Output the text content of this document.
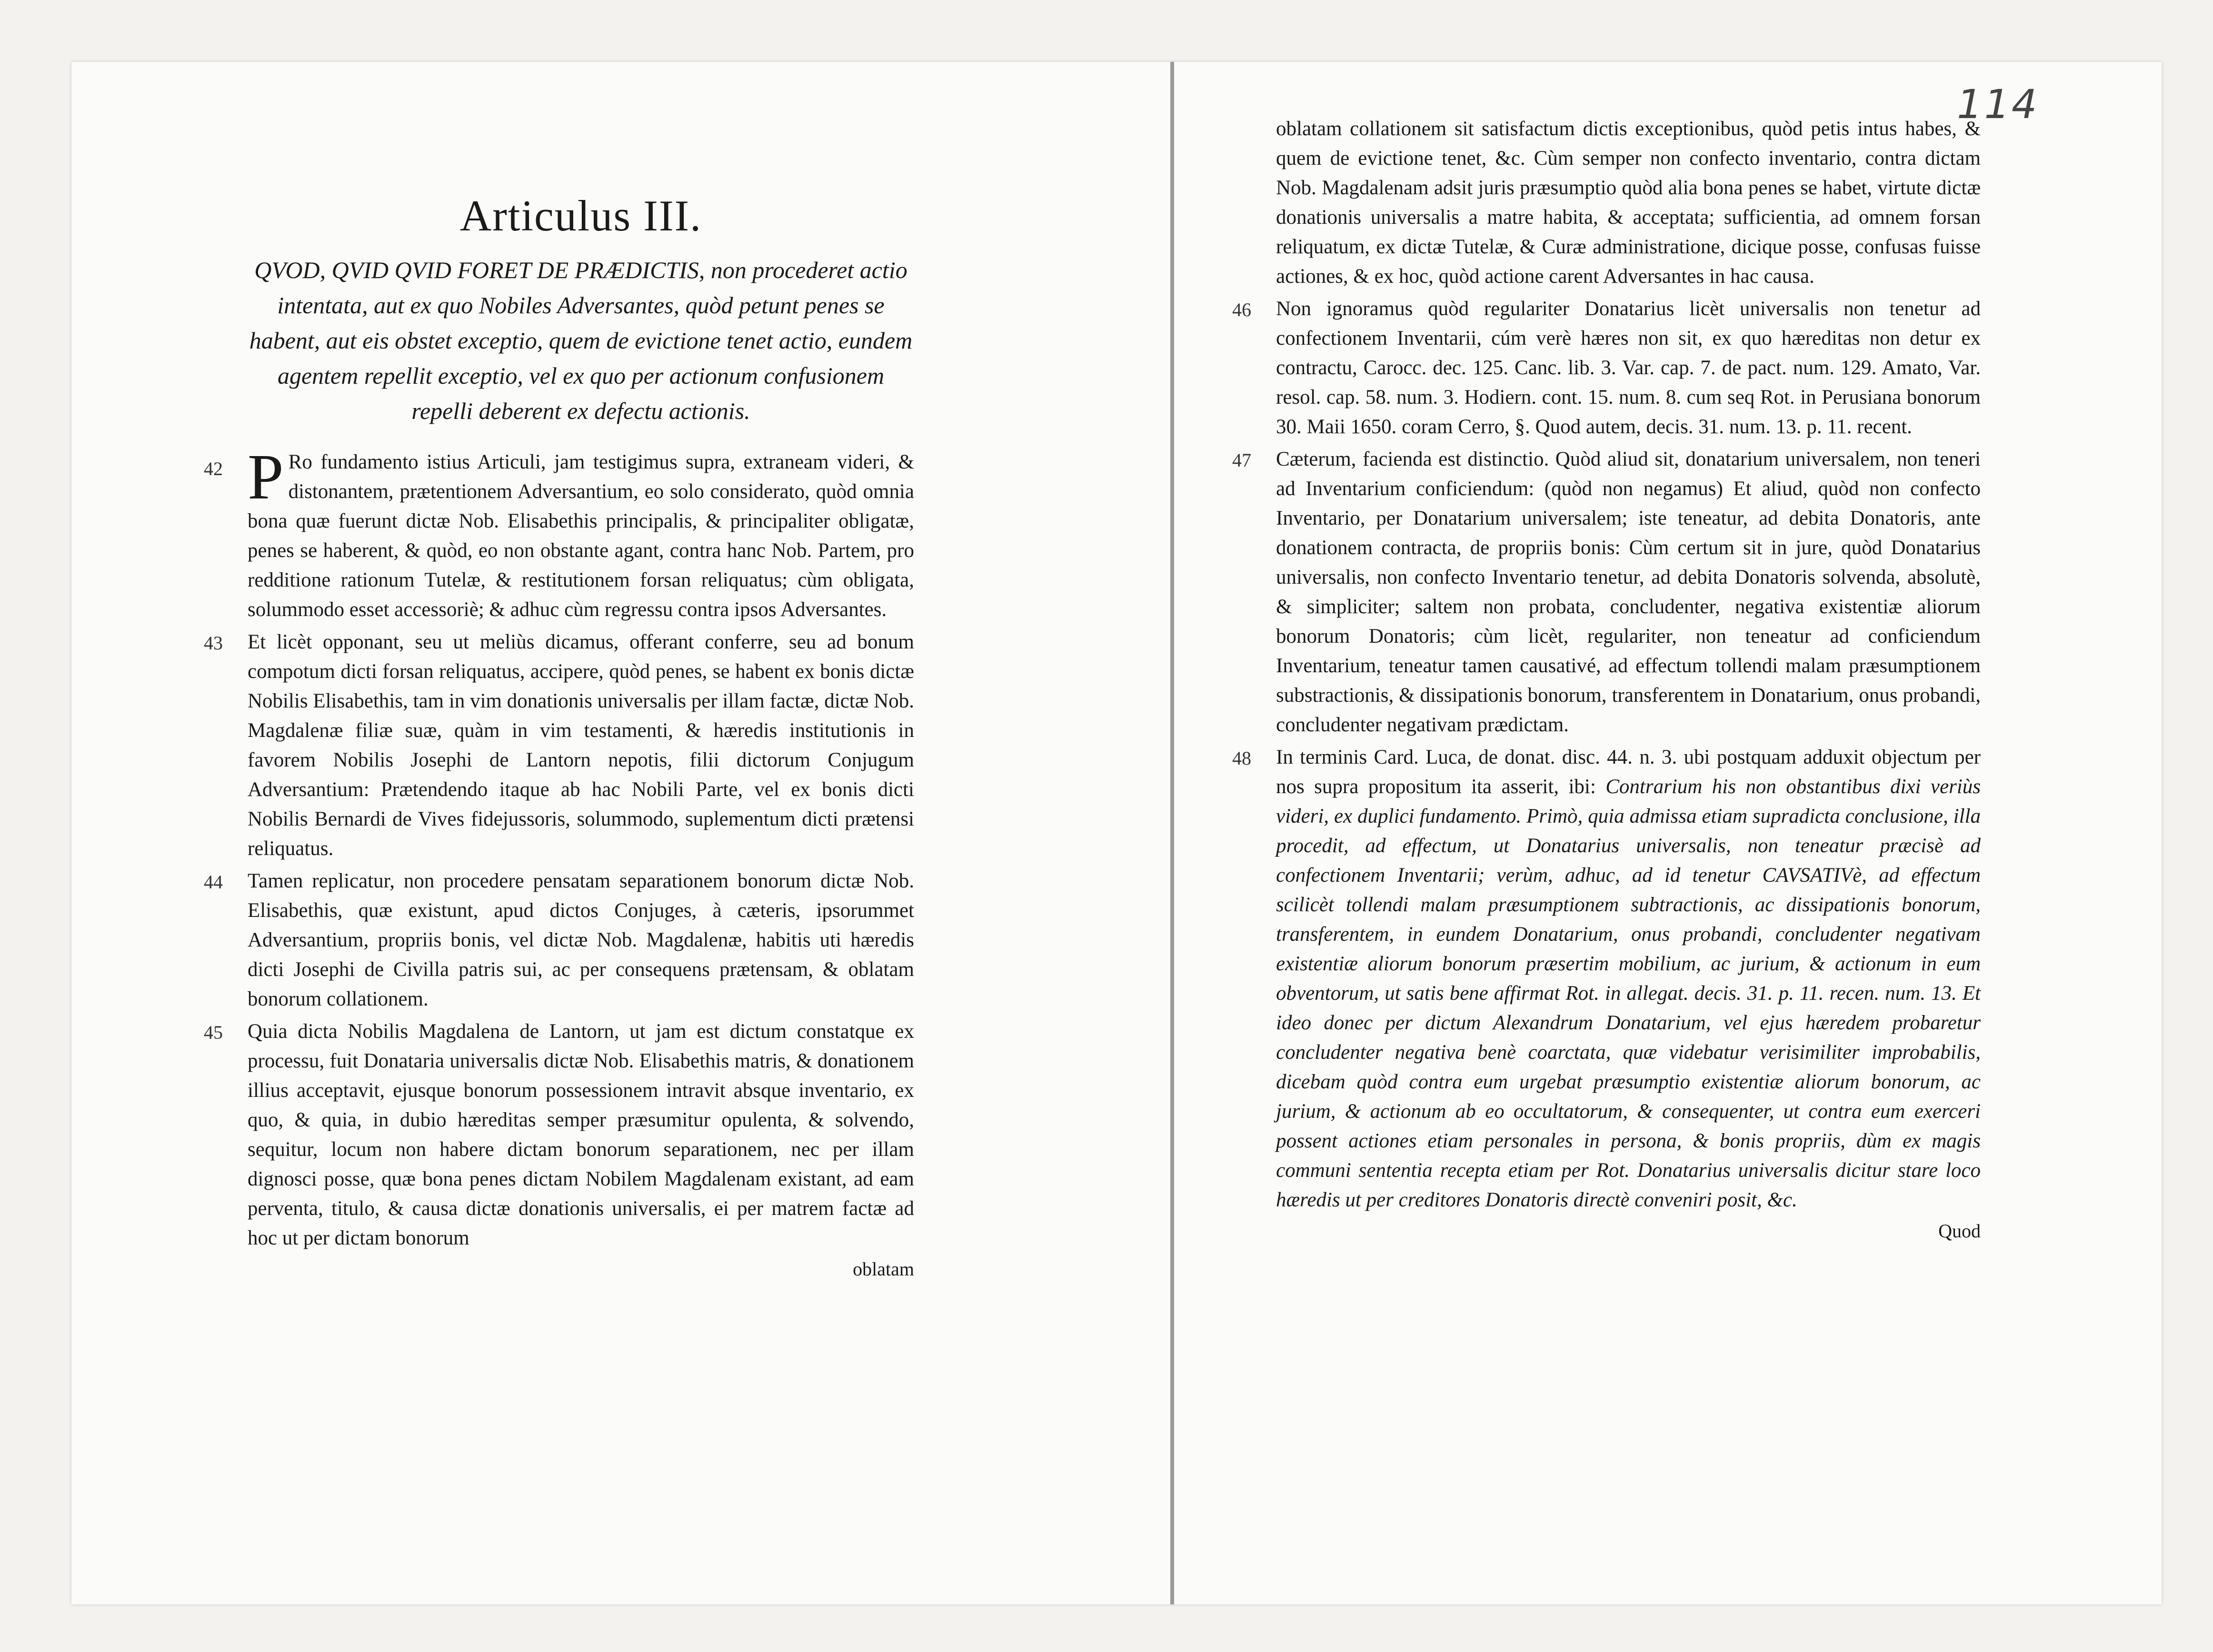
114
Articulus III.
QVOD, QVID QVID FORET DE PRÆDICTIS, non procederet actio intentata, aut ex quo Nobiles Adversantes, quòd petunt penes se habent, aut eis obstet exceptio, quem de evictione tenet actio, eundem agentem repellit exceptio, vel ex quo per actionum confusionem repelli deberent ex defectu actionis.
42 P Ro fundamento istius Articuli, jam testigimus supra, extraneam videri, & distonantem, prætentionem Adversantium, eo solo considerato, quòd omnia bona quæ fuerunt dictæ Nob. Elisabethis principalis, & principaliter obligatæ, penes se haberent, & quòd, eo non obstante agant, contra hanc Nob. Partem, pro redditione rationum Tutelæ, & restitutionem forsan reliquatus; cùm obligata, solummodo esset accessoriè; & adhuc cùm regressu contra ipsos Adversantes.
43 Et licèt opponant, seu ut meliùs dicamus, offerant conferre, seu ad bonum compotum dicti forsan reliquatus, accipere, quòd penes, se habent ex bonis dictæ Nobilis Elisabethis, tam in vim donationis universalis per illam factæ, dictæ Nob. Magdalenæ filiæ suæ, quàm in vim testamenti, & hæredis institutionis in favorem Nobilis Josephi de Lantorn nepotis, filii dictorum Conjugum Adversantium: Prætendendo itaque ab hac Nobili Parte, vel ex bonis dicti Nobilis Bernardi de Vives fidejussoris, solummodo, suplementum dicti prætensi reliquatus.
44 Tamen replicatur, non procedere pensatam separationem bonorum dictæ Nob. Elisabethis, quæ existunt, apud dictos Conjuges, à cæteris, ipsorummet Adversantium, propriis bonis, vel dictæ Nob. Magdalenæ, habitis uti hæredis dicti Josephi de Civilla patris sui, ac per consequens prætensam, & oblatam bonorum collationem.
45 Quia dicta Nobilis Magdalena de Lantorn, ut jam est dictum constatque ex processu, fuit Donataria universalis dictæ Nob. Elisabethis matris, & donationem illius acceptavit, ejusque bonorum possessionem intravit absque inventario, ex quo, & quia, in dubio hæreditas semper præsumitur opulenta, & solvendo, sequitur, locum non habere dictam bonorum separationem, nec per illam dignosci posse, quæ bona penes dictam Nobilem Magdalenam existant, ad eam perventa, titulo, & causa dictæ donationis universalis, ei per matrem factæ ad hoc ut per dictam bonorum
oblatam
oblatam collationem sit satisfactum dictis exceptionibus, quòd petis intus habes, & quem de evictione tenet, &c. Cùm semper non confecto inventario, contra dictam Nob. Magdalenam adsit juris præsumptio quòd alia bona penes se habet, virtute dictæ donationis universalis a matre habita, & acceptata; sufficientia, ad omnem forsan reliquatum, ex dictæ Tutelæ, & Curæ administratione, dicique posse, confusas fuisse actiones, & ex hoc, quòd actione carent Adversantes in hac causa.
46 Non ignoramus quòd regulariter Donatarius licèt universalis non tenetur ad confectionem Inventarii, cúm verè hæres non sit, ex quo hæreditas non detur ex contractu, Carocc. dec. 125. Canc. lib. 3. Var. cap. 7. de pact. num. 129. Amato, Var. resol. cap. 58. num. 3. Hodiern. cont. 15. num. 8. cum seq Rot. in Perusiana bonorum 30. Maii 1650. coram Cerro, §. Quod autem, decis. 31. num. 13. p. 11. recent.
47 Cæterum, facienda est distinctio. Quòd aliud sit, donatarium universalem, non teneri ad Inventarium conficiendum: (quòd non negamus) Et aliud, quòd non confecto Inventario, per Donatarium universalem; iste teneatur, ad debita Donatoris, ante donationem contracta, de propriis bonis: Cùm certum sit in jure, quòd Donatarius universalis, non confecto Inventario tenetur, ad debita Donatoris solvenda, absolutè, & simpliciter; saltem non probata, concludenter, negativa existentiæ aliorum bonorum Donatoris; cùm licèt, regulariter, non teneatur ad conficiendum Inventarium, teneatur tamen causativé, ad effectum tollendi malam præsumptionem substractionis, & dissipationis bonorum, transferentem in Donatarium, onus probandi, concludenter negativam prædictam.
48 In terminis Card. Luca, de donat. disc. 44. n. 3. ubi postquam adduxit objectum per nos supra propositum ita asserit, ibi: Contrarium his non obstantibus dixi veriùs videri, ex duplici fundamento. Primò, quia admissa etiam supradicta conclusione, illa procedit, ad effectum, ut Donatarius universalis, non teneatur præcisè ad confectionem Inventarii; verùm, adhuc, ad id tenetur CAVSATIVè, ad effectum scilicèt tollendi malam præsumptionem subtractionis, ac dissipationis bonorum, transferentem, in eundem Donatarium, onus probandi, concludenter negativam existentiæ aliorum bonorum præsertim mobilium, ac jurium, & actionum in eum obventorum, ut satis bene affirmat Rot. in allegat. decis. 31. p. 11. recen. num. 13. Et ideo donec per dictum Alexandrum Donatarium, vel ejus hæredem probaretur concludenter negativa benè coarctata, quæ videbatur verisimiliter improbabilis, dicebam quòd contra eum urgebat præsumptio existentiæ aliorum bonorum, ac jurium, & actionum ab eo occultatorum, & consequenter, ut contra eum exerceri possent actiones etiam personales in persona, & bonis propriis, dùm ex magis communi sententia recepta etiam per Rot. Donatarius universalis dicitur stare loco hæredis ut per creditores Donatoris directè conveniri posit, &c.
Quod
